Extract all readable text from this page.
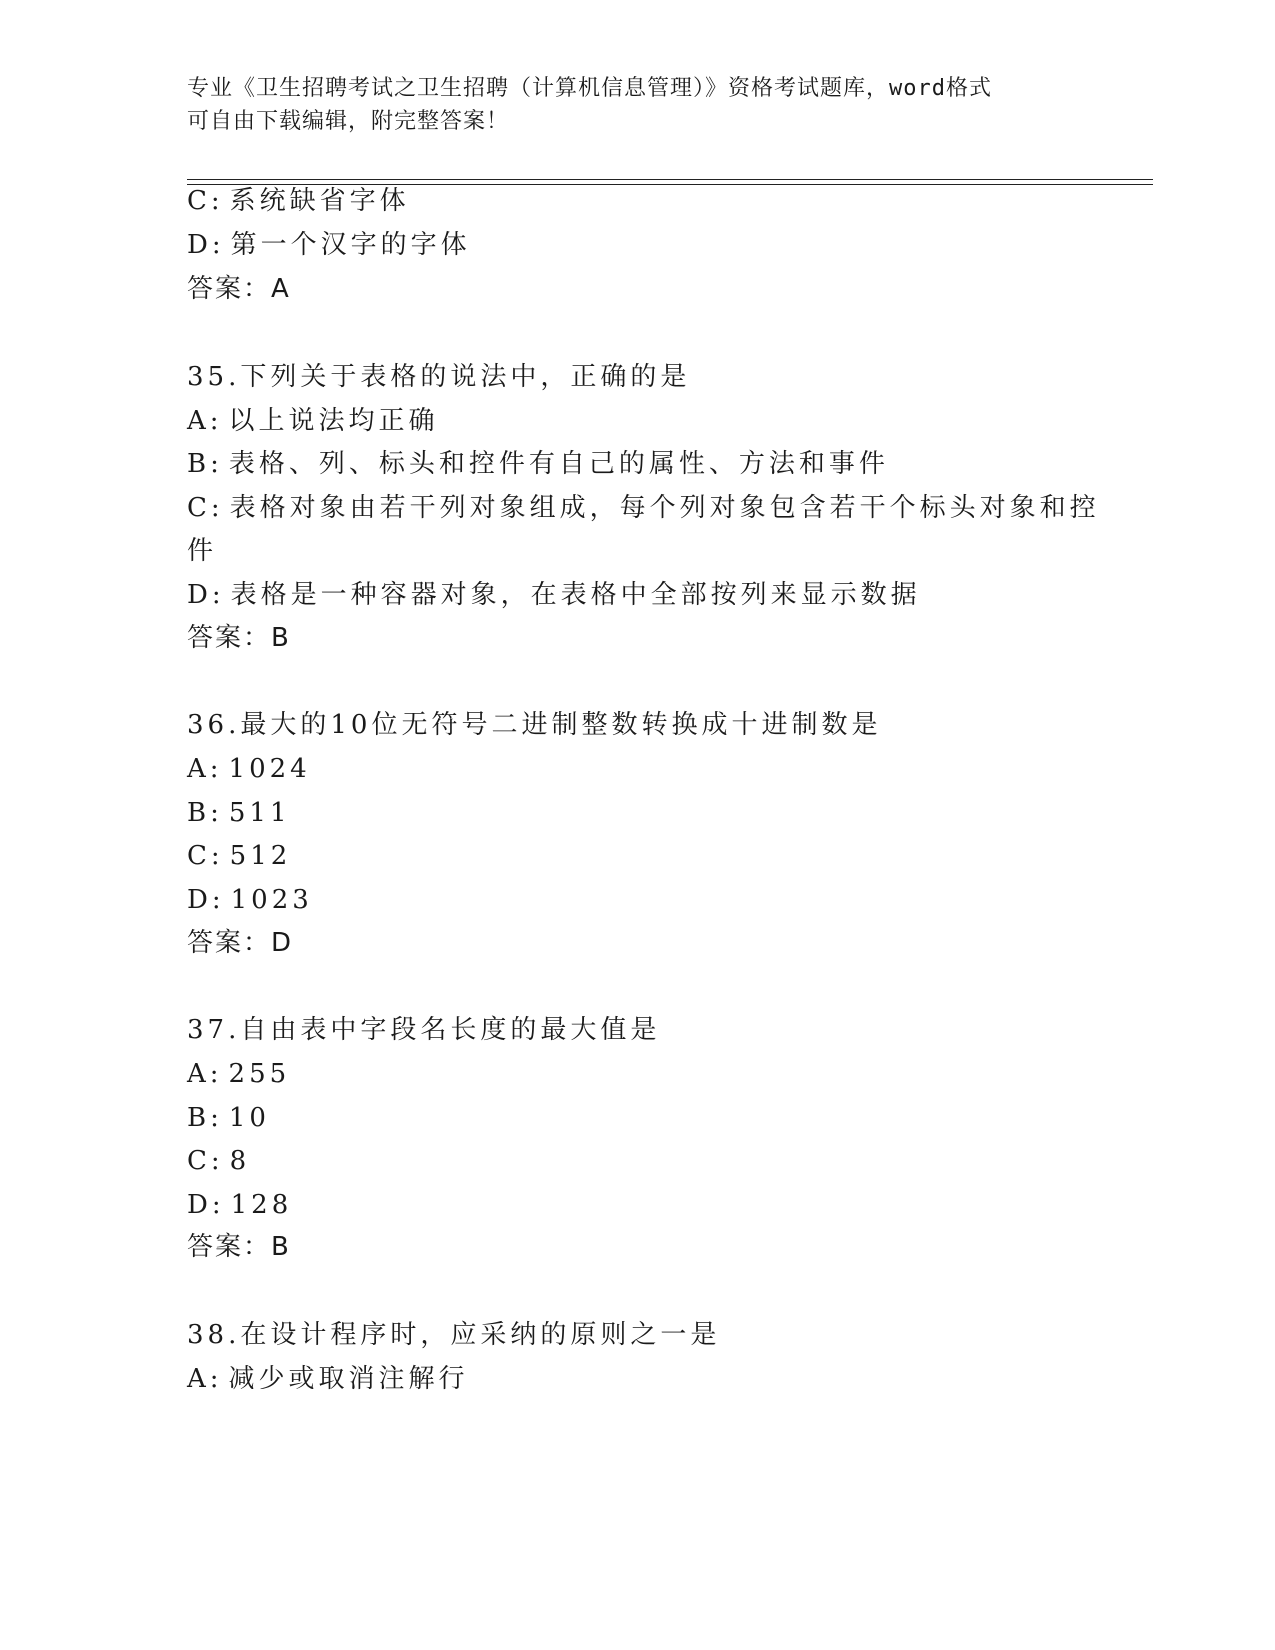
专业《卫生招聘考试之卫生招聘（计算机信息管理）》资格考试题库，word格式
可自由下载编辑，附完整答案！
C: 系统缺省字体
D: 第一个汉字的字体
答案：A
35.下列关于表格的说法中，正确的是
A: 以上说法均正确
B: 表格、列、标头和控件有自己的属性、方法和事件
C: 表格对象由若干列对象组成，每个列对象包含若干个标头对象和控
件
D: 表格是一种容器对象，在表格中全部按列来显示数据
答案：B
36.最大的10位无符号二进制整数转换成十进制数是
A: 1024
B: 511
C: 512
D: 1023
答案：D
37.自由表中字段名长度的最大值是
A: 255
B: 10
C: 8
D: 128
答案：B
38.在设计程序时，应采纳的原则之一是
A: 减少或取消注解行
